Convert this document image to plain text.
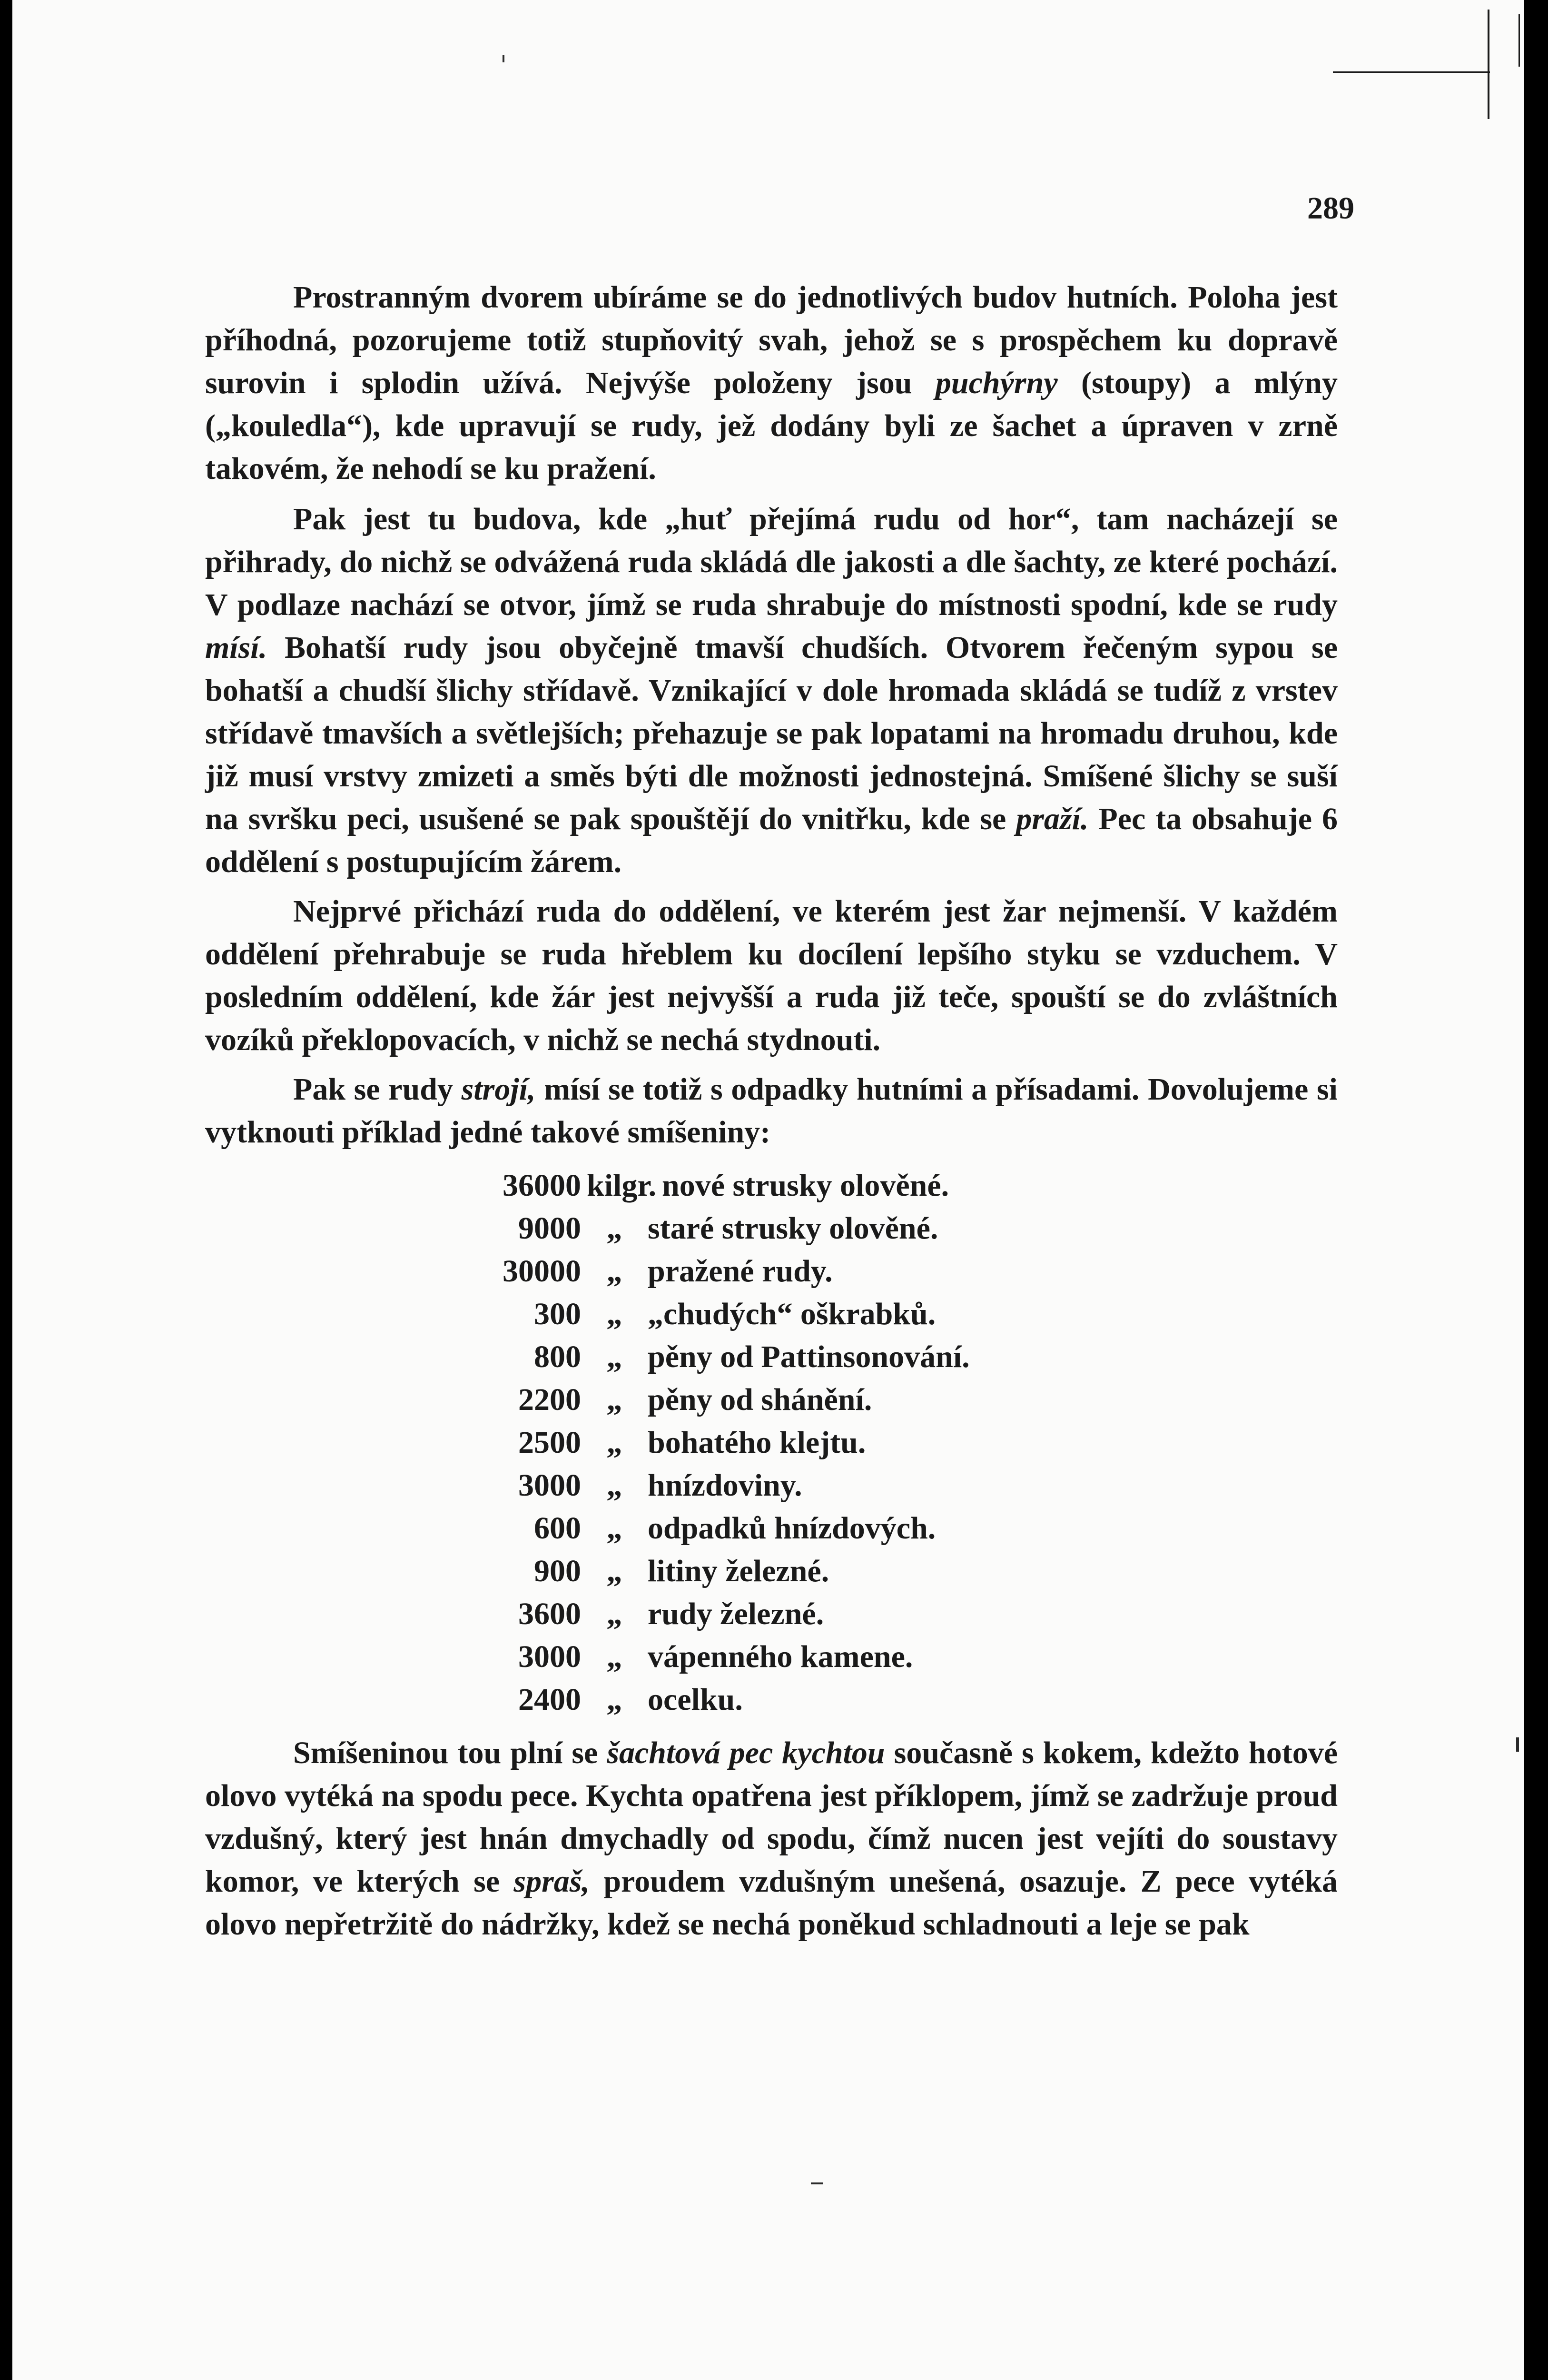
289

Prostranným dvorem ubíráme se do jednotlivých budov hutních. Poloha jest příhodná, pozorujeme totiž stupňovitý svah, jehož se s prospěchem ku dopravě surovin i splodin užívá. Nejvýše položeny jsou puchýrny (stoupy) a mlýny („kouledla“), kde upravují se rudy, jež dodány byli ze šachet a úpraven v zrně takovém, že nehodí se ku pražení.

Pak jest tu budova, kde „huť přejímá rudu od hor“, tam nacházejí se přihrady, do nichž se odvážená ruda skládá dle jakosti a dle šachty, ze které pochází. V podlaze nachází se otvor, jímž se ruda shrabuje do místnosti spodní, kde se rudy mísí. Bohatší rudy jsou obyčejně tmavší chudších. Otvorem řečeným sypou se bohatší a chudší šlichy střídavě. Vznikající v dole hromada skládá se tudíž z vrstev střídavě tmavších a světlejších; přehazuje se pak lopatami na hromadu druhou, kde již musí vrstvy zmizeti a směs býti dle možnosti jednostejná. Smíšené šlichy se suší na svršku peci, usušené se pak spouštějí do vnitřku, kde se praží. Pec ta obsahuje 6 oddělení s postupujícím žárem.

Nejprvé přichází ruda do oddělení, ve kterém jest žar nejmenší. V každém oddělení přehrabuje se ruda hřeblem ku docílení lepšího styku se vzduchem. V posledním oddělení, kde žár jest nejvyšší a ruda již teče, spouští se do zvláštních vozíků překlopovacích, v nichž se nechá stydnouti.

Pak se rudy strojí, mísí se totiž s odpadky hutními a přísadami. Dovolujeme si vytknouti příklad jedné takové smíšeniny:

36000 kilgr. nové strusky olověné.
9000 „ staré strusky olověné.
30000 „ pražené rudy.
300 „ „chudých“ oškrabků.
800 „ pěny od Pattinsonování.
2200 „ pěny od shánění.
2500 „ bohatého klejtu.
3000 „ hnízdoviny.
600 „ odpadků hnízdových.
900 „ litiny železné.
3600 „ rudy železné.
3000 „ vápenného kamene.
2400 „ ocelku.

Smíšeninou tou plní se šachtová pec kychtou současně s kokem, kdežto hotové olovo vytéká na spodu pece. Kychta opatřena jest příklopem, jímž se zadržuje proud vzdušný, který jest hnán dmychadly od spodu, čímž nucen jest vejíti do soustavy komor, ve kterých se spraš, proudem vzdušným unešená, osazuje. Z pece vytéká olovo nepřetržitě do nádržky, kdež se nechá poněkud schladnouti a leje se pak
